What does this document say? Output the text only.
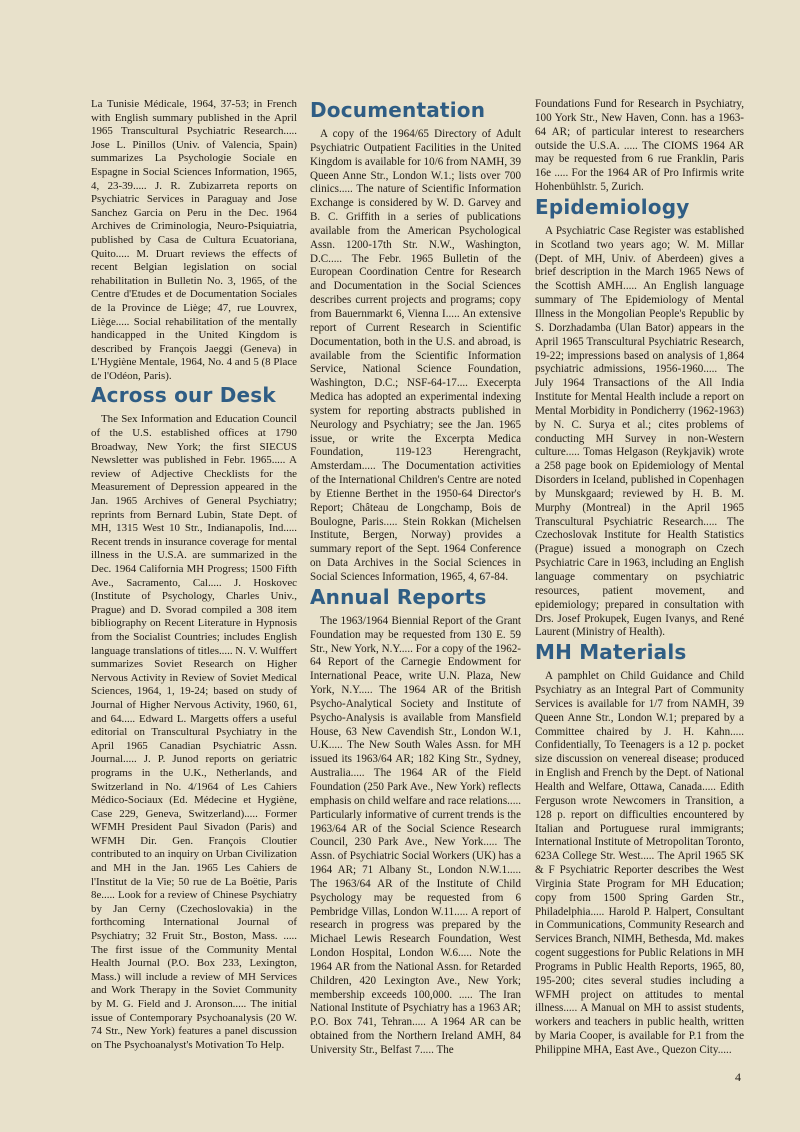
La Tunisie Médicale, 1964, 37-53; in French with English summary published in the April 1965 Transcultural Psychiatric Research..... Jose L. Pinillos (Univ. of Valencia, Spain) summarizes La Psychologie Sociale en Espagne in Social Sciences Information, 1965, 4, 23-39..... J. R. Zubizarreta reports on Psychiatric Services in Paraguay and Jose Sanchez Garcia on Peru in the Dec. 1964 Archives de Criminologia, Neuro-Psiquiatria, published by Casa de Cultura Ecuatoriana, Quito..... M. Druart reviews the effects of recent Belgian legislation on social rehabilitation in Bulletin No. 3, 1965, of the Centre d'Etudes et de Documentation Sociales de la Province de Liège; 47, rue Louvrex, Liège..... Social rehabilitation of the mentally handicapped in the United Kingdom is described by François Jaeggi (Geneva) in L'Hygiène Mentale, 1964, No. 4 and 5 (8 Place de l'Odéon, Paris).

Across our Desk

The Sex Information and Education Council of the U.S. established offices at 1790 Broadway, New York; the first SIECUS Newsletter was published in Febr. 1965..... A review of Adjective Checklists for the Measurement of Depression appeared in the Jan. 1965 Archives of General Psychiatry; reprints from Bernard Lubin, State Dept. of MH, 1315 West 10 Str., Indianapolis, Ind..... Recent trends in insurance coverage for mental illness in the U.S.A. are summarized in the Dec. 1964 California MH Progress; 1500 Fifth Ave., Sacramento, Cal..... J. Hoskovec (Institute of Psychology, Charles Univ., Prague) and D. Svorad compiled a 308 item bibliography on Recent Literature in Hypnosis from the Socialist Countries; includes English language translations of titles..... N. V. Wulffert summarizes Soviet Research on Higher Nervous Activity in Review of Soviet Medical Sciences, 1964, 1, 19-24; based on study of Journal of Higher Nervous Activity, 1960, 61, and 64..... Edward L. Margetts offers a useful editorial on Transcultural Psychiatry in the April 1965 Canadian Psychiatric Assn. Journal..... J. P. Junod reports on geriatric programs in the U.K., Netherlands, and Switzerland in No. 4/1964 of Les Cahiers Médico-Sociaux (Ed. Médecine et Hygiène, Case 229, Geneva, Switzerland)..... Former WFMH President Paul Sivadon (Paris) and WFMH Dir. Gen. François Cloutier contributed to an inquiry on Urban Civilization and MH in the Jan. 1965 Les Cahiers de l'Institut de la Vie; 50 rue de La Boëtie, Paris 8e..... Look for a review of Chinese Psychiatry by Jan Cerny (Czechoslovakia) in the forthcoming International Journal of Psychiatry; 32 Fruit Str., Boston, Mass. ..... The first issue of the Community Mental Health Journal (P.O. Box 233, Lexington, Mass.) will include a review of MH Services and Work Therapy in the Soviet Community by M. G. Field and J. Aronson..... The initial issue of Contemporary Psychoanalysis (20 W. 74 Str., New York) features a panel discussion on The Psychoanalyst's Motivation To Help.

Documentation

A copy of the 1964/65 Directory of Adult Psychiatric Outpatient Facilities in the United Kingdom is available for 10/6 from NAMH, 39 Queen Anne Str., London W.1.; lists over 700 clinics..... The nature of Scientific Information Exchange is considered by W. D. Garvey and B. C. Griffith in a series of publications available from the American Psychological Assn. 1200-17th Str. N.W., Washington, D.C..... The Febr. 1965 Bulletin of the European Coordination Centre for Research and Documentation in the Social Sciences describes current projects and programs; copy from Bauernmarkt 6, Vienna I..... An extensive report of Current Research in Scientific Documentation, both in the U.S. and abroad, is available from the Scientific Information Service, National Science Foundation, Washington, D.C.; NSF-64-17.... Execerpta Medica has adopted an experimental indexing system for reporting abstracts published in Neurology and Psychiatry; see the Jan. 1965 issue, or write the Excerpta Medica Foundation, 119-123 Herengracht, Amsterdam..... The Documentation activities of the International Children's Centre are noted by Etienne Berthet in the 1950-64 Director's Report; Château de Longchamp, Bois de Boulogne, Paris..... Stein Rokkan (Michelsen Institute, Bergen, Norway) provides a summary report of the Sept. 1964 Conference on Data Archives in the Social Sciences in Social Sciences Information, 1965, 4, 67-84.

Annual Reports

The 1963/1964 Biennial Report of the Grant Foundation may be requested from 130 E. 59 Str., New York, N.Y..... For a copy of the 1962-64 Report of the Carnegie Endowment for International Peace, write U.N. Plaza, New York, N.Y..... The 1964 AR of the British Psycho-Analytical Society and Institute of Psycho-Analysis is available from Mansfield House, 63 New Cavendish Str., London W.1, U.K..... The New South Wales Assn. for MH issued its 1963/64 AR; 182 King Str., Sydney, Australia..... The 1964 AR of the Field Foundation (250 Park Ave., New York) reflects emphasis on child welfare and race relations..... Particularly informative of current trends is the 1963/64 AR of the Social Science Research Council, 230 Park Ave., New York..... The Assn. of Psychiatric Social Workers (UK) has a 1964 AR; 71 Albany St., London N.W.1..... The 1963/64 AR of the Institute of Child Psychology may be requested from 6 Pembridge Villas, London W.11..... A report of research in progress was prepared by the Michael Lewis Research Foundation, West London Hospital, London W.6..... Note the 1964 AR from the National Assn. for Retarded Children, 420 Lexington Ave., New York; membership exceeds 100,000. ..... The Iran National Institute of Psychiatry has a 1963 AR; P.O. Box 741, Tehran..... A 1964 AR can be obtained from the Northern Ireland AMH, 84 University Str., Belfast 7..... The

Foundations Fund for Research in Psychiatry, 100 York Str., New Haven, Conn. has a 1963-64 AR; of particular interest to researchers outside the U.S.A. ..... The CIOMS 1964 AR may be requested from 6 rue Franklin, Paris 16e ..... For the 1964 AR of Pro Infirmis write Hohenbühlstr. 5, Zurich.

Epidemiology

A Psychiatric Case Register was established in Scotland two years ago; W. M. Millar (Dept. of MH, Univ. of Aberdeen) gives a brief description in the March 1965 News of the Scottish AMH..... An English language summary of The Epidemiology of Mental Illness in the Mongolian People's Republic by S. Dorzhadamba (Ulan Bator) appears in the April 1965 Transcultural Psychiatric Research, 19-22; impressions based on analysis of 1,864 psychiatric admissions, 1956-1960..... The July 1964 Transactions of the All India Institute for Mental Health include a report on Mental Morbidity in Pondicherry (1962-1963) by N. C. Surya et al.; cites problems of conducting MH Survey in non-Western culture..... Tomas Helgason (Reykjavik) wrote a 258 page book on Epidemiology of Mental Disorders in Iceland, published in Copenhagen by Munskgaard; reviewed by H. B. M. Murphy (Montreal) in the April 1965 Transcultural Psychiatric Research..... The Czechoslovak Institute for Health Statistics (Prague) issued a monograph on Czech Psychiatric Care in 1963, including an English language commentary on psychiatric resources, patient movement, and epidemiology; prepared in consultation with Drs. Josef Prokupek, Eugen Ivanys, and René Laurent (Ministry of Health).

MH Materials

A pamphlet on Child Guidance and Child Psychiatry as an Integral Part of Community Services is available for 1/7 from NAMH, 39 Queen Anne Str., London W.1; prepared by a Committee chaired by J. H. Kahn..... Confidentially, To Teenagers is a 12 p. pocket size discussion on venereal disease; produced in English and French by the Dept. of National Health and Welfare, Ottawa, Canada..... Edith Ferguson wrote Newcomers in Transition, a 128 p. report on difficulties encountered by Italian and Portuguese rural immigrants; International Institute of Metropolitan Toronto, 623A College Str. West..... The April 1965 SK & F Psychiatric Reporter describes the West Virginia State Program for MH Education; copy from 1500 Spring Garden Str., Philadelphia..... Harold P. Halpert, Consultant in Communications, Community Research and Services Branch, NIMH, Bethesda, Md. makes cogent suggestions for Public Relations in MH Programs in Public Health Reports, 1965, 80, 195-200; cites several studies including a WFMH project on attitudes to mental illness..... A Manual on MH to assist students, workers and teachers in public health, written by Maria Cooper, is available for P.1 from the Philippine MHA, East Ave., Quezon City.....

4
